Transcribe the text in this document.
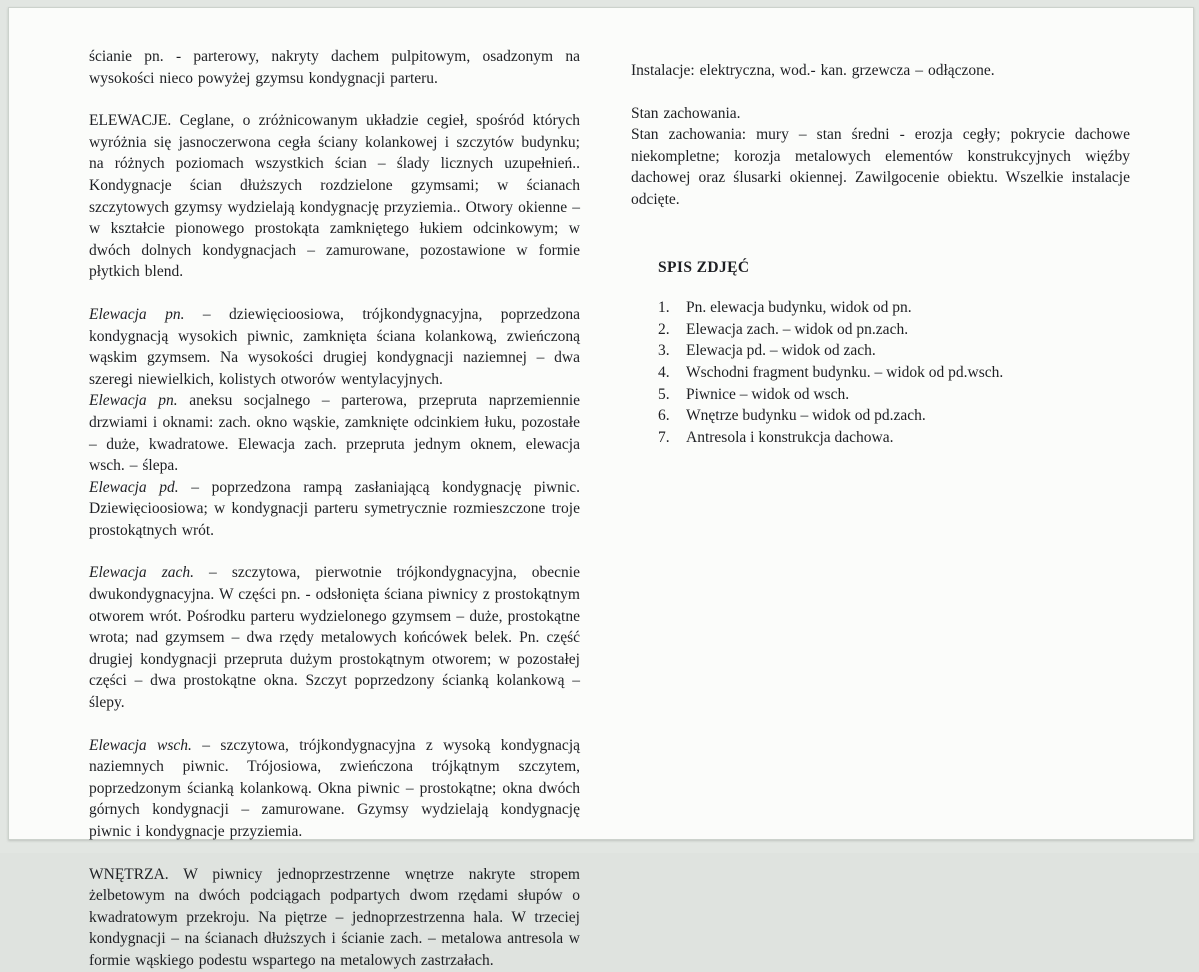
ścianie pn. - parterowy, nakryty dachem pulpitowym, osadzonym na wysokości nieco powyżej gzymsu kondygnacji parteru.

ELEWACJE. Ceglane, o zróżnicowanym układzie cegieł, spośród których wyróżnia się jasnoczerwona cegła ściany kolankowej i szczytów budynku; na różnych poziomach wszystkich ścian – ślady licznych uzupełnień.. Kondygnacje ścian dłuższych rozdzielone gzymsami; w ścianach szczytowych gzymsy wydzielają kondygnację przyziemia.. Otwory okienne – w kształcie pionowego prostokąta zamkniętego łukiem odcinkowym; w dwóch dolnych kondygnacjach – zamurowane, pozostawione w formie płytkich blend.

Elewacja pn. – dziewięcioosiowa, trójkondygnacyjna, poprzedzona kondygnacją wysokich piwnic, zamknięta ściana kolankową, zwieńczoną wąskim gzymsem. Na wysokości drugiej kondygnacji naziemnej – dwa szeregi niewielkich, kolistych otworów wentylacyjnych.

Elewacja pn. aneksu socjalnego – parterowa, przepruta naprzemiennie drzwiami i oknami: zach. okno wąskie, zamknięte odcinkiem łuku, pozostałe – duże, kwadratowe. Elewacja zach. przepruta jednym oknem, elewacja wsch. – ślepa.

Elewacja pd. – poprzedzona rampą zasłaniającą kondygnację piwnic. Dziewięcioosiowa; w kondygnacji parteru symetrycznie rozmieszczone troje prostokątnych wrót.

Elewacja zach. – szczytowa, pierwotnie trójkondygnacyjna, obecnie dwukondygnacyjna. W części pn. - odsłonięta ściana piwnicy z prostokątnym otworem wrót. Pośrodku parteru wydzielonego gzymsem – duże, prostokątne wrota; nad gzymsem – dwa rzędy metalowych końcówek belek. Pn. część drugiej kondygnacji przepruta dużym prostokątnym otworem; w pozostałej części – dwa prostokątne okna. Szczyt poprzedzony ścianką kolankową – ślepy.

Elewacja wsch. – szczytowa, trójkondygnacyjna z wysoką kondygnacją naziemnych piwnic. Trójosiowa, zwieńczona trójkątnym szczytem, poprzedzonym ścianką kolankową. Okna piwnic – prostokątne; okna dwóch górnych kondygnacji – zamurowane. Gzymsy wydzielają kondygnację piwnic i kondygnacje przyziemia.

WNĘTRZA. W piwnicy jednoprzestrzenne wnętrze nakryte stropem żelbetowym na dwóch podciągach podpartych dwom rzędami słupów o kwadratowym przekroju. Na piętrze – jednoprzestrzenna hala. W trzeciej kondygnacji – na ścianach dłuższych i ścianie zach. – metalowa antresola w formie wąskiego podestu wspartego na metalowych zastrzałach.

Instalacje: elektryczna, wod.- kan. grzewcza – odłączone.

Stan zachowania.

Stan zachowania: mury – stan średni - erozja cegły; pokrycie dachowe niekompletne; korozja metalowych elementów konstrukcyjnych więźby dachowej oraz ślusarki okiennej. Zawilgocenie obiektu. Wszelkie instalacje odcięte.

SPIS ZDJĘĆ
1.	Pn. elewacja budynku, widok od pn.
2.	Elewacja zach. – widok od pn.zach.
3.	Elewacja pd. – widok od zach.
4.	Wschodni fragment budynku. – widok od pd.wsch.
5.	Piwnice – widok od wsch.
6.	Wnętrze budynku – widok od pd.zach.
7.	Antresola i konstrukcja dachowa.
